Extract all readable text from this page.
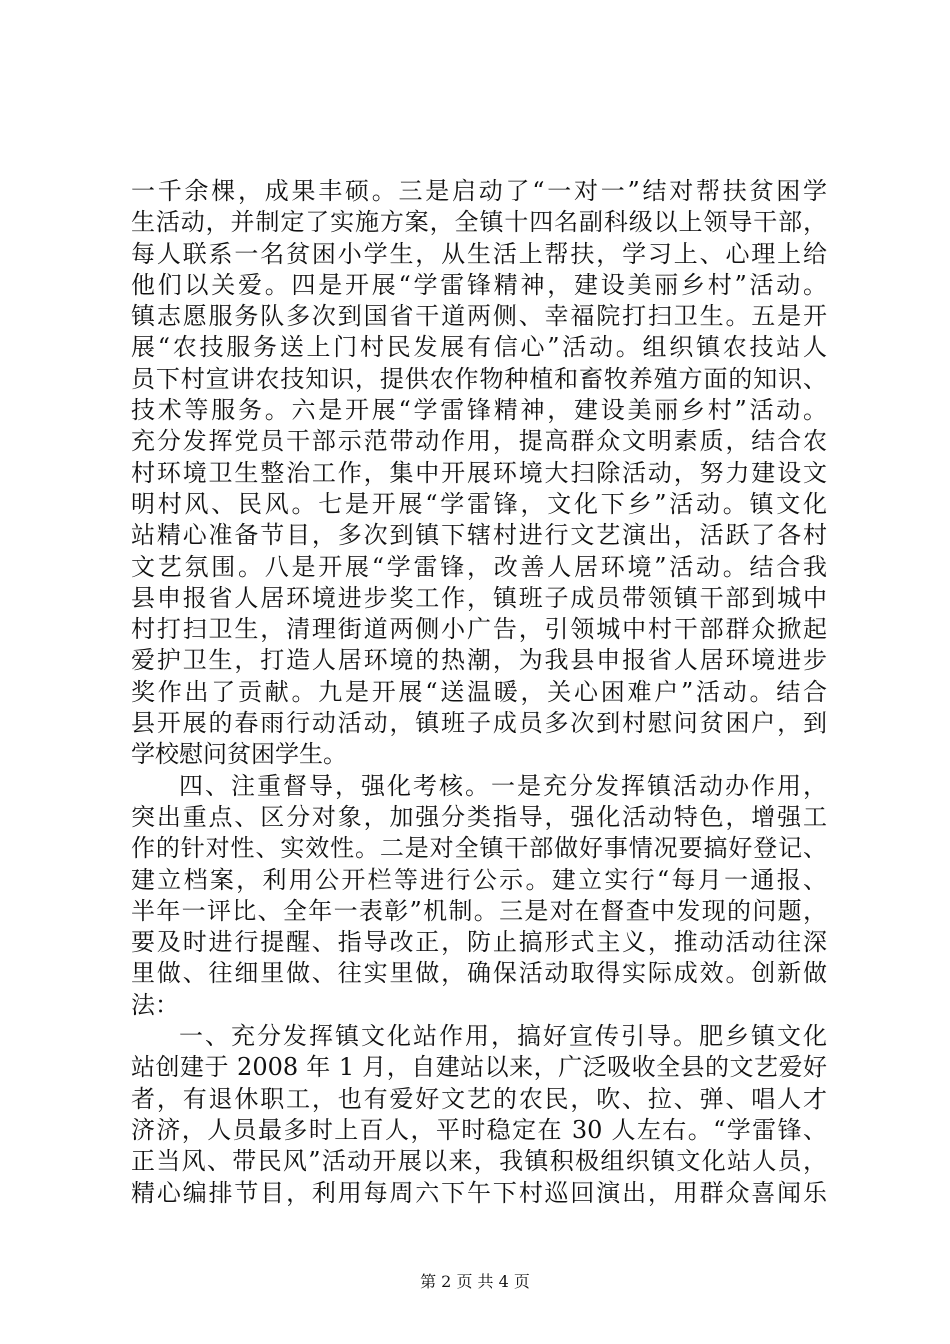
一千余棵，成果丰硕。三是启动了“一对一”结对帮扶贫困学
生活动，并制定了实施方案，全镇十四名副科级以上领导干部，
每人联系一名贫困小学生，从生活上帮扶，学习上、心理上给
他们以关爱。四是开展“学雷锋精神，建设美丽乡村”活动。
镇志愿服务队多次到国省干道两侧、幸福院打扫卫生。五是开
展“农技服务送上门村民发展有信心”活动。组织镇农技站人
员下村宣讲农技知识，提供农作物种植和畜牧养殖方面的知识、
技术等服务。六是开展“学雷锋精神，建设美丽乡村”活动。
充分发挥党员干部示范带动作用，提高群众文明素质，结合农
村环境卫生整治工作，集中开展环境大扫除活动，努力建设文
明村风、民风。七是开展“学雷锋，文化下乡”活动。镇文化
站精心准备节目，多次到镇下辖村进行文艺演出，活跃了各村
文艺氛围。八是开展“学雷锋，改善人居环境”活动。结合我
县申报省人居环境进步奖工作，镇班子成员带领镇干部到城中
村打扫卫生，清理街道两侧小广告，引领城中村干部群众掀起
爱护卫生，打造人居环境的热潮，为我县申报省人居环境进步
奖作出了贡献。九是开展“送温暖，关心困难户”活动。结合
县开展的春雨行动活动，镇班子成员多次到村慰问贫困户，到
学校慰问贫困学生。
四、注重督导，强化考核。一是充分发挥镇活动办作用，
突出重点、区分对象，加强分类指导，强化活动特色，增强工
作的针对性、实效性。二是对全镇干部做好事情况要搞好登记、
建立档案，利用公开栏等进行公示。建立实行“每月一通报、
半年一评比、全年一表彰”机制。三是对在督查中发现的问题，
要及时进行提醒、指导改正，防止搞形式主义，推动活动往深
里做、往细里做、往实里做，确保活动取得实际成效。创新做
法：
一、充分发挥镇文化站作用，搞好宣传引导。肥乡镇文化
站创建于 2008 年 1 月，自建站以来，广泛吸收全县的文艺爱好
者，有退休职工，也有爱好文艺的农民，吹、拉、弹、唱人才
济济，人员最多时上百人，平时稳定在 30 人左右。“学雷锋、
正当风、带民风”活动开展以来，我镇积极组织镇文化站人员，
精心编排节目，利用每周六下午下村巡回演出，用群众喜闻乐
第 2 页 共 4 页
